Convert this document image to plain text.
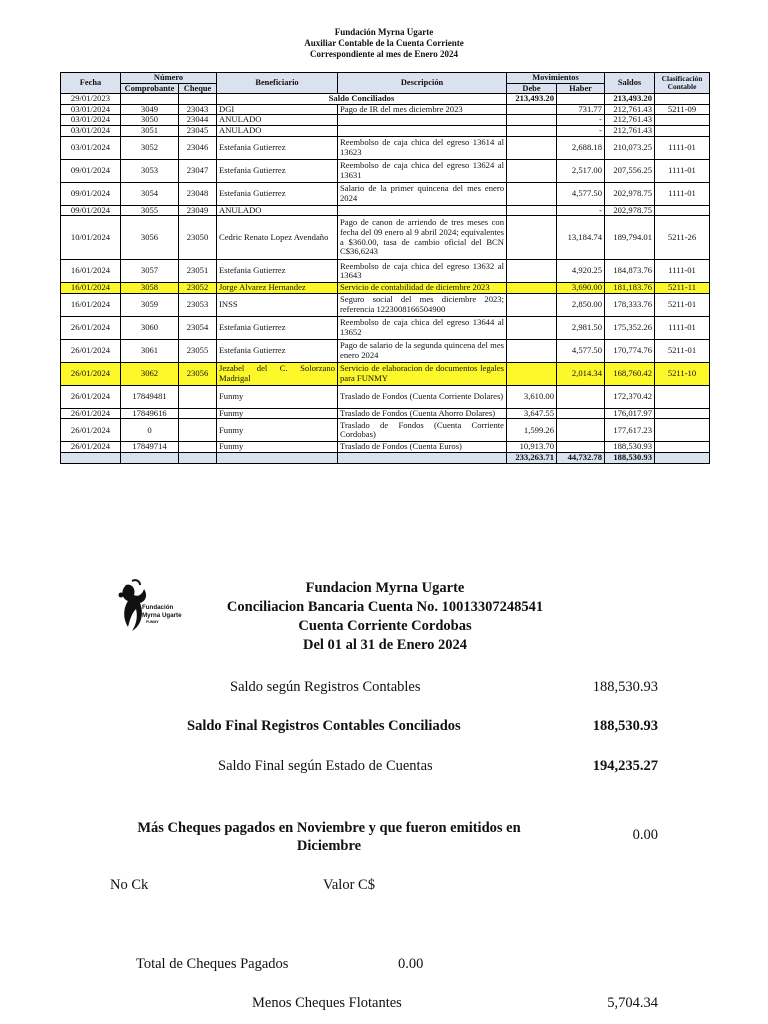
Fundación Myrna Ugarte
Auxiliar Contable de la Cuenta Corriente
Correspondiente al mes de Enero 2024
Fecha	Número		Beneficiario	Descripción	Movimientos		Saldos	Clasificación Contable
	Comprobante	Cheque			Debe	Haber		
29/01/2023			Saldo Conciliados		213,493.20		213,493.20	
03/01/2024	3049	23043	DGI	Pago de IR del mes diciembre 2023		731.77	212,761.43	5211-09
03/01/2024	3050	23044	ANULADO			-	212,761.43	
03/01/2024	3051	23045	ANULADO			-	212,761.43	
03/01/2024	3052	23046	Estefania Gutierrez	Reembolso de caja chica del egreso 13614 al 13623		2,688.18	210,073.25	1111-01
09/01/2024	3053	23047	Estefania Gutierrez	Reembolso de caja chica del egreso 13624 al 13631		2,517.00	207,556.25	1111-01
09/01/2024	3054	23048	Estefania Gutierrez	Salario de la primer quincena del mes enero 2024		4,577.50	202,978.75	1111-01
09/01/2024	3055	23049	ANULADO			-	202,978.75	
10/01/2024	3056	23050	Cedric Renato Lopez Avendaño	Pago de canon de arriendo de tres meses con fecha del 09 enero al 9 abril 2024; equivalentes a $360.00, tasa de cambio oficial del BCN C$36,6243		13,184.74	189,794.01	5211-26
16/01/2024	3057	23051	Estefania Gutierrez	Reembolso de caja chica del egreso 13632 al 13643		4,920.25	184,873.76	1111-01
16/01/2024	3058	23052	Jorge Alvarez Hernandez	Servicio de contabilidad de diciembre 2023		3,690.00	181,183.76	5211-11
16/01/2024	3059	23053	INSS	Seguro social del mes diciembre 2023; referencia 1223008166504900		2,850.00	178,333.76	5211-01
26/01/2024	3060	23054	Estefania Gutierrez	Reembolso de caja chica del egreso 13644 al 13652		2,981.50	175,352.26	1111-01
26/01/2024	3061	23055	Estefania Gutierrez	Pago de salario de la segunda quincena del mes enero 2024		4,577.50	170,774.76	5211-01
26/01/2024	3062	23056	Jezabel del C. Solorzano Madrigal	Servicio de elaboracion de documentos legales para FUNMY		2,014.34	168,760.42	5211-10
26/01/2024	17849481		Funmy	Traslado de Fondos (Cuenta Corriente Dolares)	3,610.00		172,370.42	
26/01/2024	17849616		Funmy	Traslado de Fondos (Cuenta Ahorro Dolares)	3,647.55		176,017.97	
26/01/2024	0		Funmy	Traslado de Fondos (Cuenta Corriente Cordobas)	1,599.26		177,617.23	
26/01/2024	17849714		Funmy	Traslado de Fondos (Cuenta Euros)	10,913.70		188,530.93	
					233,263.71	44,732.78	188,530.93	
Fundación
Myrna Ugarte
FUNMY
Fundacion Myrna Ugarte
Conciliacion Bancaria Cuenta No. 10013307248541
Cuenta Corriente Cordobas
Del 01 al 31 de Enero 2024
Saldo según Registros Contables	188,530.93
Saldo Final Registros Contables Conciliados	188,530.93
Saldo Final según Estado de Cuentas	194,235.27
Más Cheques pagados en Noviembre y que fueron emitidos en Diciembre
0.00
No Ck	Valor C$
Total de Cheques Pagados	0.00
Menos Cheques Flotantes	5,704.34
